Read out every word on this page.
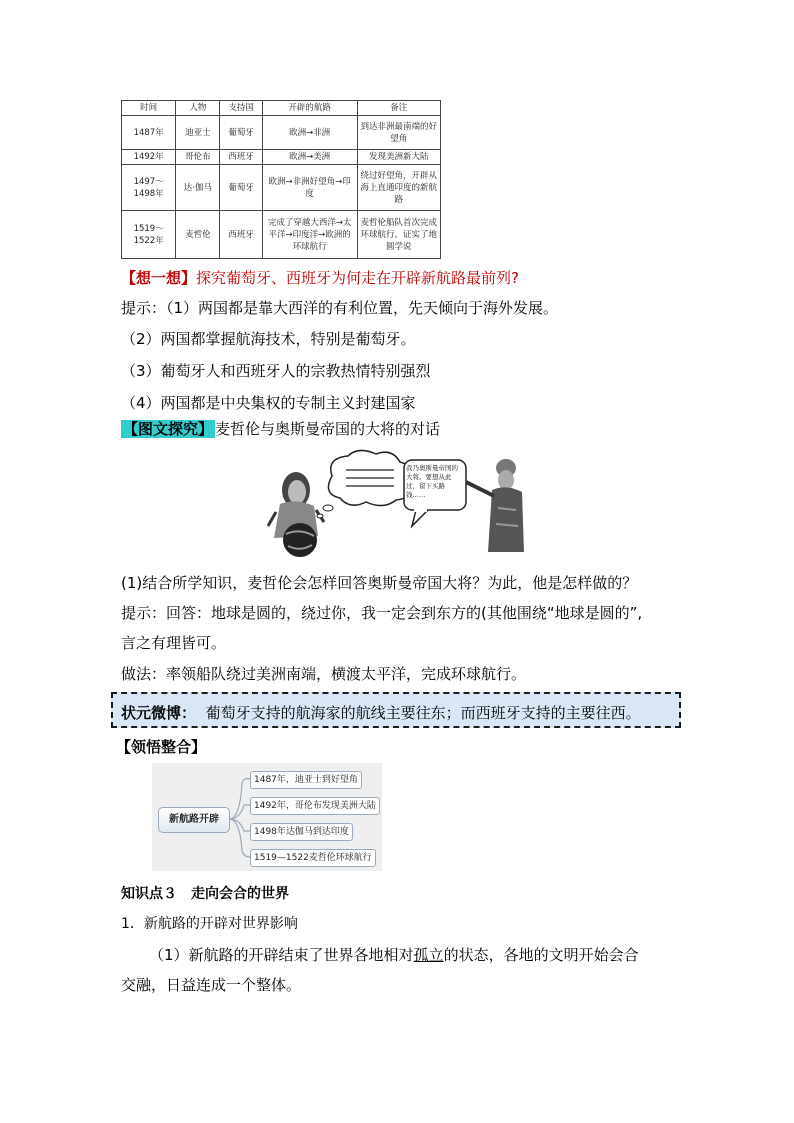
时间	人物	支持国	开辟的航路	备注
1487年	迪亚士	葡萄牙	欧洲→非洲	到达非洲最南端的好望角
1492年	哥伦布	西班牙	欧洲→美洲	发现美洲新大陆
1497～1498年	达·伽马	葡萄牙	欧洲→非洲好望角→印度	绕过好望角，开辟从海上直通印度的新航路
1519～1522年	麦哲伦	西班牙	完成了穿越大西洋→太平洋→印度洋→欧洲的环球航行	麦哲伦船队首次完成环球航行，证实了地圆学说
【想一想】探究葡萄牙、西班牙为何走在开辟新航路最前列?
提示：（1）两国都是靠大西洋的有利位置，先天倾向于海外发展。
（2）两国都掌握航海技术，特别是葡萄牙。
（3）葡萄牙人和西班牙人的宗教热情特别强烈
（4）两国都是中央集权的专制主义封建国家
【图文探究】 麦哲伦与奥斯曼帝国的大将的对话
我乃奥斯曼帝国的大将。要想从此过，留下买路钱……
(1)结合所学知识，麦哲伦会怎样回答奥斯曼帝国大将？为此，他是怎样做的？
提示：回答：地球是圆的，绕过你，我一定会到东方的(其他围绕“地球是圆的”,
言之有理皆可。
做法：率领船队绕过美洲南端，横渡太平洋，完成环球航行。
状元微博： 葡萄牙支持的航海家的航线主要往东；而西班牙支持的主要往西。
【领悟整合】
新航路开辟
1487年，迪亚士到好望角
1492年，哥伦布发现美洲大陆
1498年达伽马到达印度
1519—1522麦哲伦环球航行
知识点３　走向会合的世界
1．新航路的开辟对世界影响
（1）新航路的开辟结束了世界各地相对孤立的状态，各地的文明开始会合
交融，日益连成一个整体。
